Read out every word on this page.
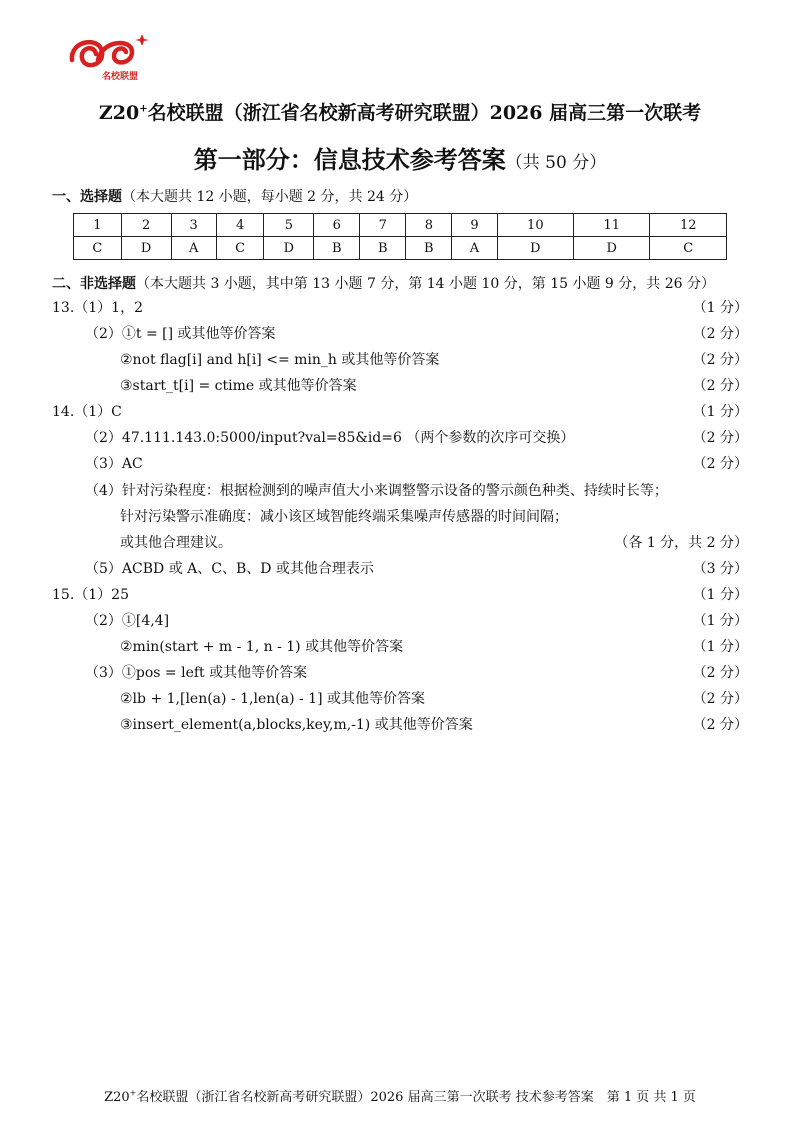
名校联盟
Z20+名校联盟（浙江省名校新高考研究联盟）2026 届高三第一次联考
第一部分：信息技术参考答案（共 50 分）
一、选择题（本大题共 12 小题，每小题 2 分，共 24 分）
1	2	3	4	5	6	7	8	9	10	11	12
C	D	A	C	D	B	B	B	A	D	D	C
二、非选择题（本大题共 3 小题，其中第 13 小题 7 分，第 14 小题 10 分，第 15 小题 9 分，共 26 分）
13.（1）1，2	（1 分）
（2）①t = [] 或其他等价答案	（2 分）
②not flag[i] and h[i] <= min_h 或其他等价答案	（2 分）
③start_t[i] = ctime 或其他等价答案	（2 分）
14.（1）C	（1 分）
（2）47.111.143.0:5000/input?val=85&id=6 （两个参数的次序可交换）	（2 分）
（3）AC	（2 分）
（4）针对污染程度：根据检测到的噪声值大小来调整警示设备的警示颜色种类、持续时长等；
针对污染警示准确度：减小该区域智能终端采集噪声传感器的时间间隔；
或其他合理建议。	（各 1 分，共 2 分）
（5）ACBD 或 A、C、B、D 或其他合理表示	（3 分）
15.（1）25	（1 分）
（2）①[4,4]	（1 分）
②min(start + m - 1, n - 1) 或其他等价答案	（1 分）
（3）①pos = left 或其他等价答案	（2 分）
②lb + 1,[len(a) - 1,len(a) - 1] 或其他等价答案	（2 分）
③insert_element(a,blocks,key,m,-1) 或其他等价答案	（2 分）
Z20+名校联盟（浙江省名校新高考研究联盟）2026 届高三第一次联考 技术参考答案　第 1 页 共 1 页
